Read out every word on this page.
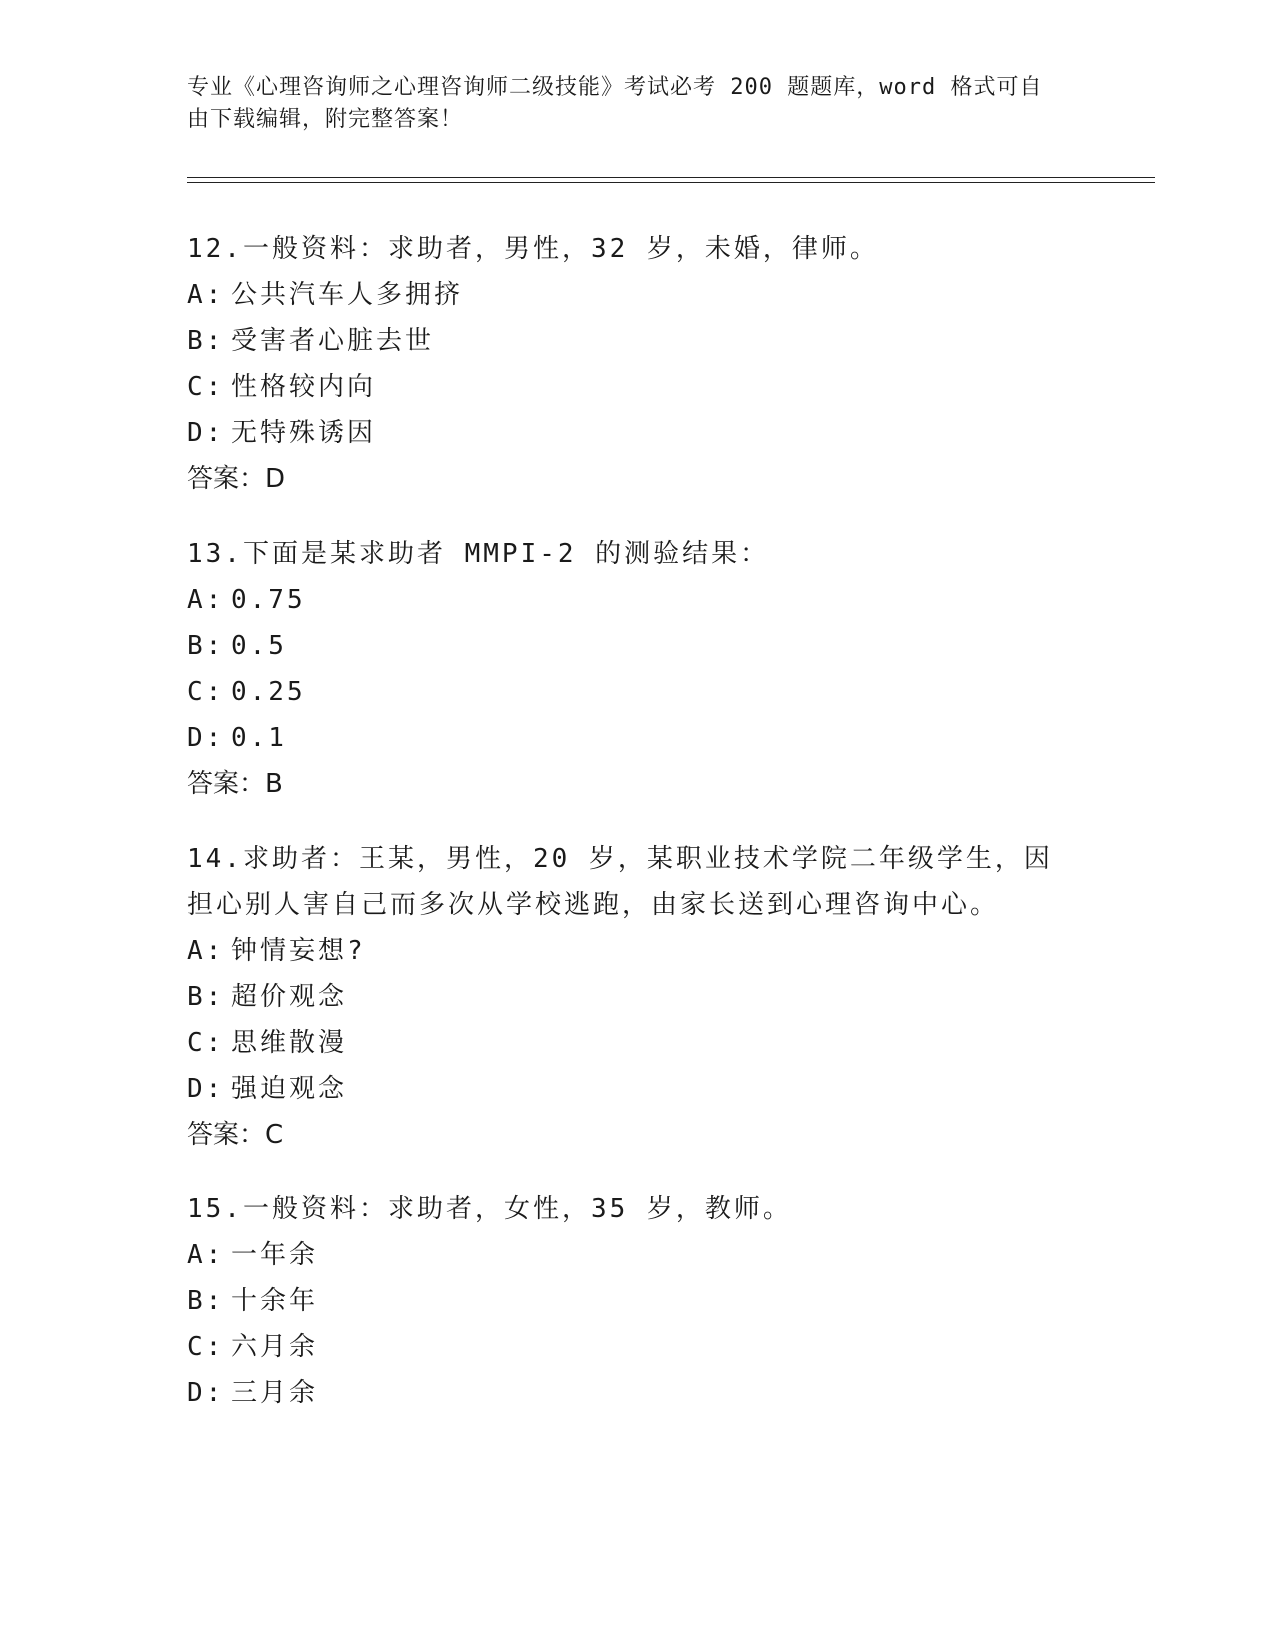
专业《心理咨询师之心理咨询师二级技能》考试必考 200 题题库，word 格式可自
由下载编辑，附完整答案！

12.一般资料：求助者，男性，32 岁，未婚，律师。

A: 公共汽车人多拥挤

B: 受害者心脏去世

C: 性格较内向

D: 无特殊诱因

答案：D

13.下面是某求助者 MMPI-2 的测验结果：

A: 0.75

B: 0.5

C: 0.25

D: 0.1

答案：B

14.求助者：王某，男性，20 岁，某职业技术学院二年级学生，因担心别人害自己而多次从学校逃跑，由家长送到心理咨询中心。

A: 钟情妄想?

B: 超价观念

C: 思维散漫

D: 强迫观念

答案：C

15.一般资料：求助者，女性，35 岁，教师。

A: 一年余

B: 十余年

C: 六月余

D: 三月余
